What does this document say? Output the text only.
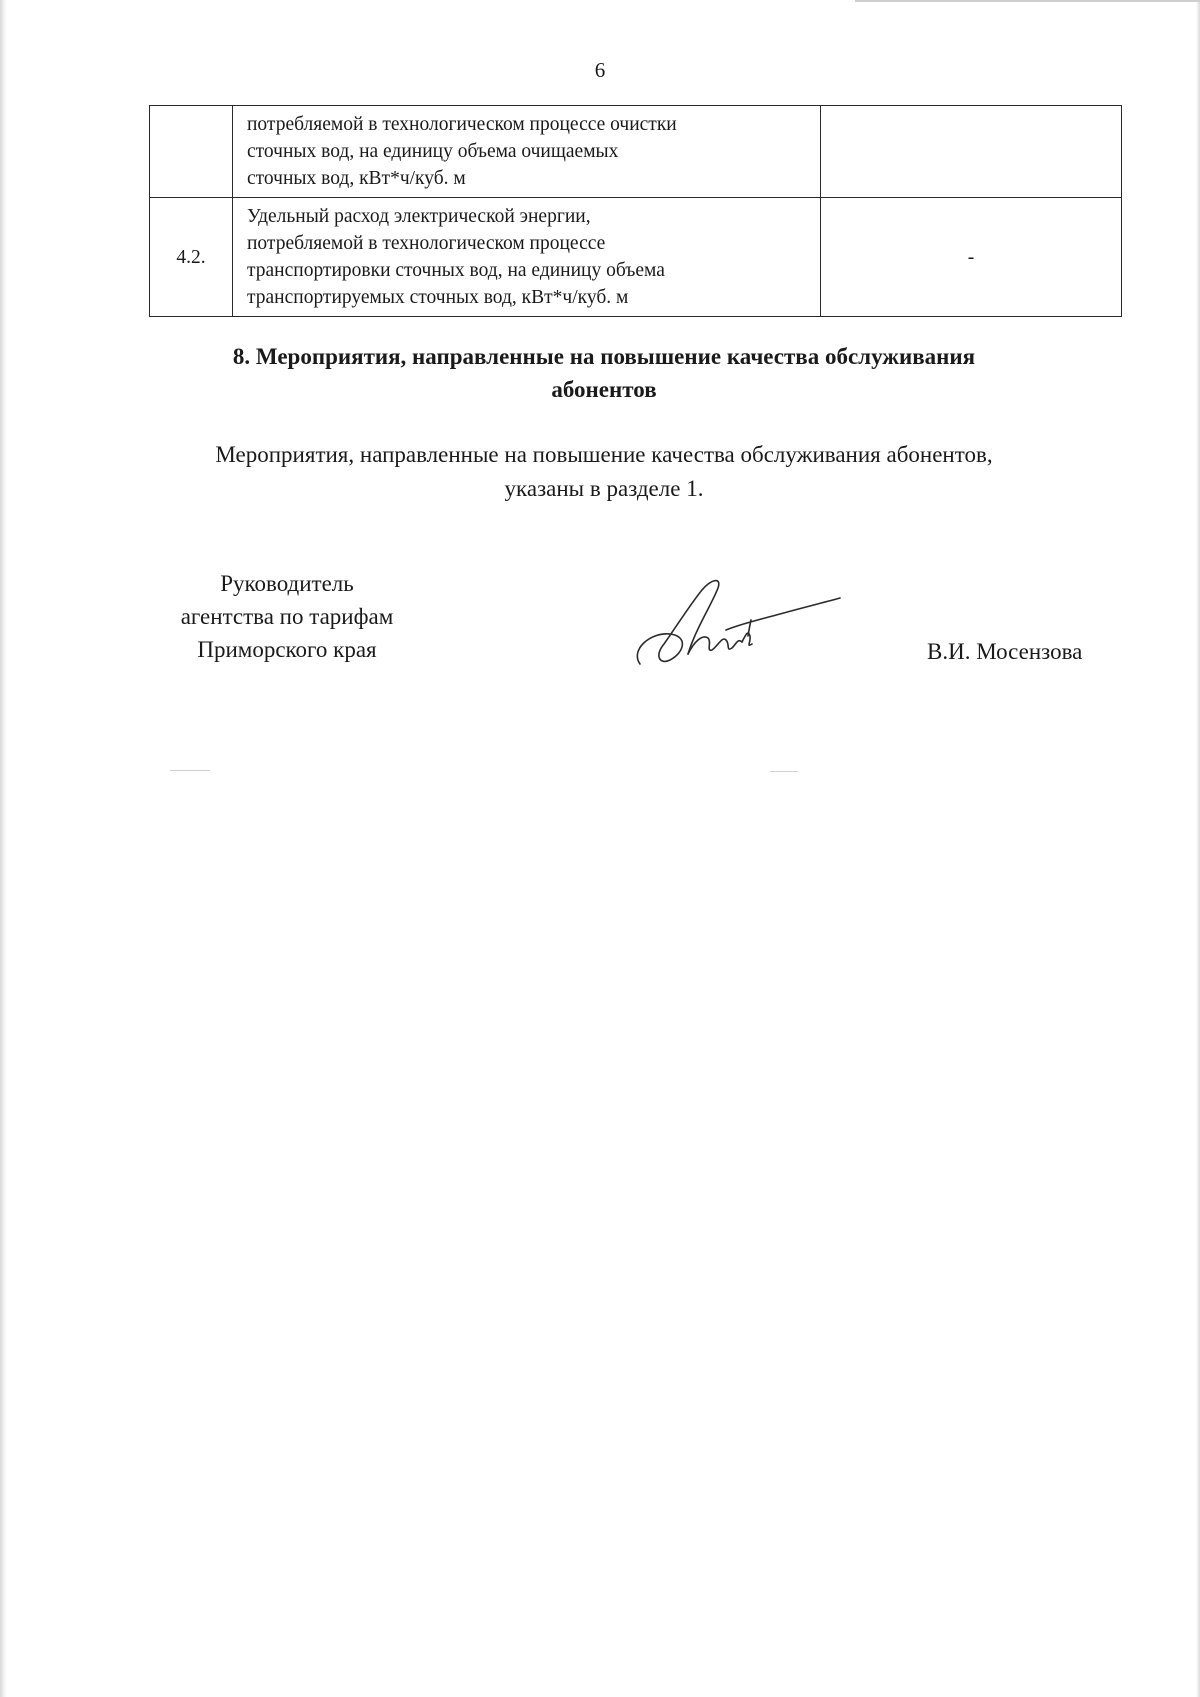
6

	потребляемой в технологическом процессе очистки
сточных вод, на единицу объема очищаемых
сточных вод, кВт*ч/куб. м	

4.2.	Удельный расход электрической энергии,
потребляемой в технологическом процессе
транспортировки сточных вод, на единицу объема
транспортируемых сточных вод, кВт*ч/куб. м	-
8. Мероприятия, направленные на повышение качества обслуживания
абонентов
Мероприятия, направленные на повышение качества обслуживания абонентов,
указаны в разделе 1.
Руководитель
агентства по тарифам
Приморского края	В.И. Мосензова
